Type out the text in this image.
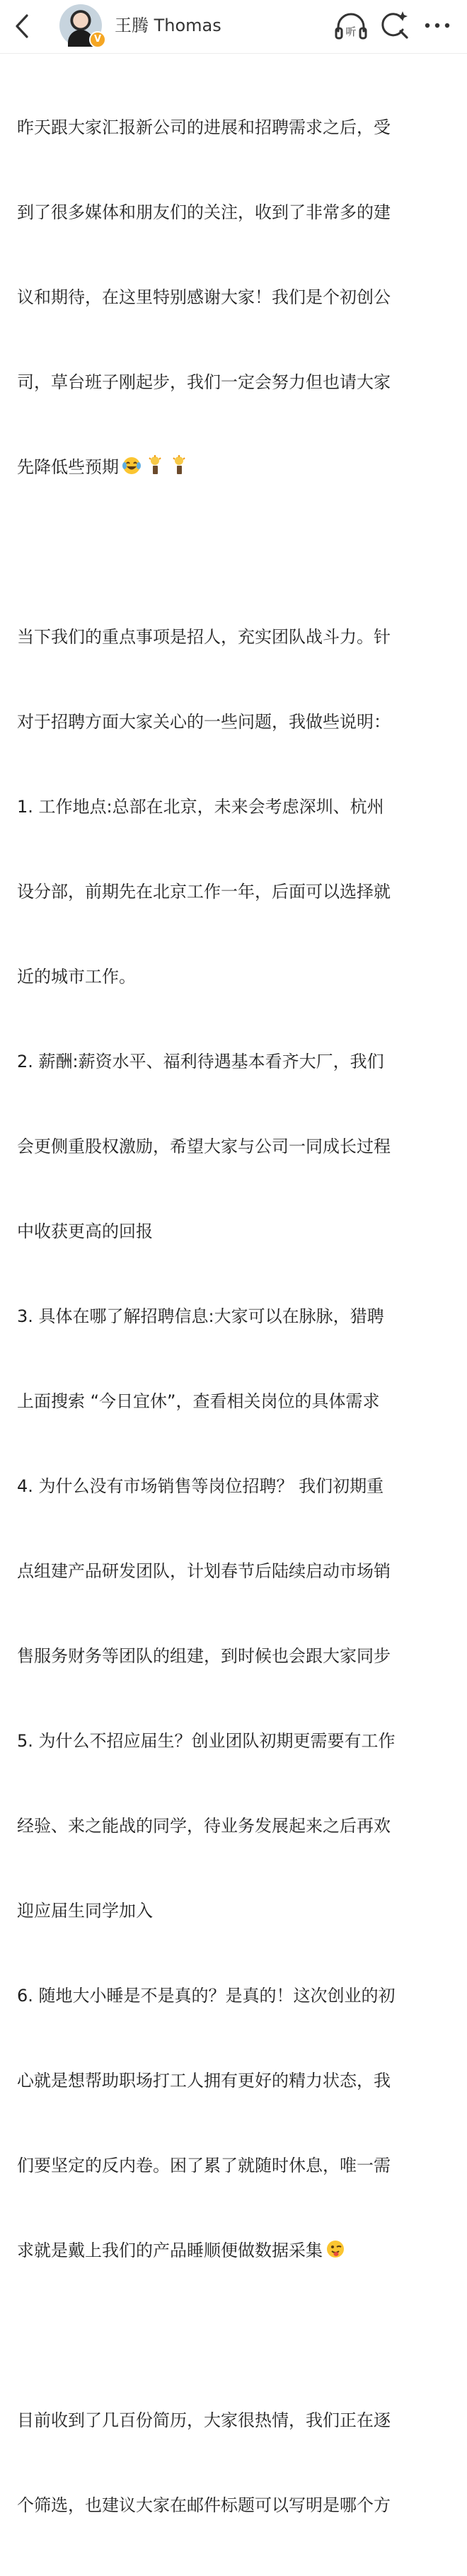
V
王腾 Thomas	听

昨天跟大家汇报新公司的进展和招聘需求之后，受

到了很多媒体和朋友们的关注，收到了非常多的建

议和期待，在这里特别感谢大家！我们是个初创公

司，草台班子刚起步，我们一定会努力但也请大家

先降低些预期

当下我们的重点事项是招人，充实团队战斗力。针

对于招聘方面大家关心的一些问题，我做些说明：

1. 工作地点:总部在北京，未来会考虑深圳、杭州

设分部，前期先在北京工作一年，后面可以选择就

近的城市工作。

2. 薪酬:薪资水平、福利待遇基本看齐大厂，我们

会更侧重股权激励，希望大家与公司一同成长过程

中收获更高的回报

3. 具体在哪了解招聘信息:大家可以在脉脉，猎聘

上面搜索 “今日宜休”，查看相关岗位的具体需求

4. 为什么没有市场销售等岗位招聘？ 我们初期重

点组建产品研发团队，计划春节后陆续启动市场销

售服务财务等团队的组建，到时候也会跟大家同步

5. 为什么不招应届生？创业团队初期更需要有工作

经验、来之能战的同学，待业务发展起来之后再欢

迎应届生同学加入

6. 随地大小睡是不是真的？是真的！这次创业的初

心就是想帮助职场打工人拥有更好的精力状态，我

们要坚定的反内卷。困了累了就随时休息，唯一需

求就是戴上我们的产品睡顺便做数据采集

目前收到了几百份简历，大家很热情，我们正在逐

个筛选，也建议大家在邮件标题可以写明是哪个方
